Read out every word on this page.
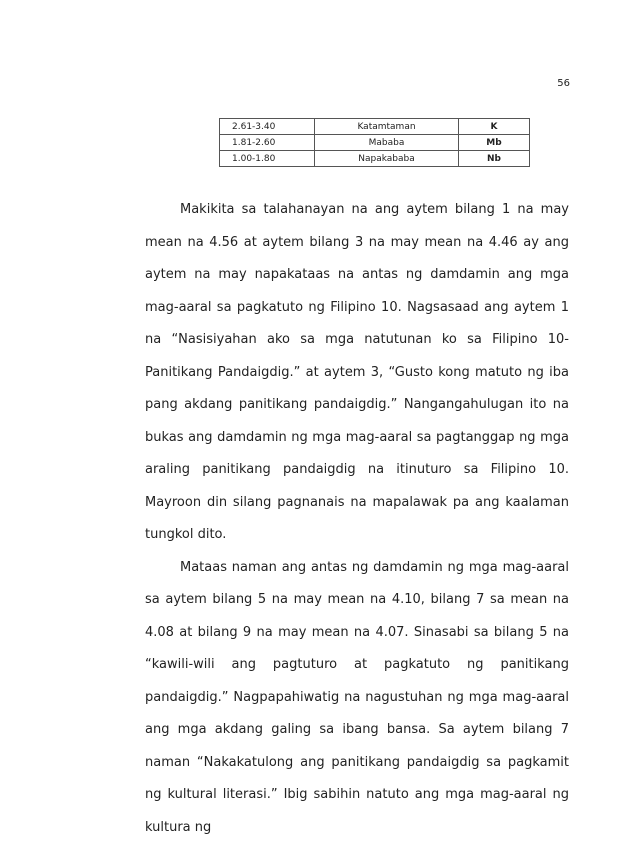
56
2.61-3.40	Katamtaman	K
1.81-2.60	Mababa	Mb
1.00-1.80	Napakababa	Nb

Makikita sa talahanayan na ang aytem bilang 1 na may mean na 4.56 at aytem bilang 3 na may mean na 4.46 ay ang aytem na may napakataas na antas ng damdamin ang mga mag-aaral sa pagkatuto ng Filipino 10. Nagsasaad ang aytem 1 na “Nasisiyahan ako sa mga natutunan ko sa Filipino 10- Panitikang Pandaigdig.” at aytem 3, “Gusto kong matuto ng iba pang akdang panitikang pandaigdig.” Nangangahulugan ito na bukas ang damdamin ng mga mag-aaral sa pagtanggap ng mga araling panitikang pandaigdig na itinuturo sa Filipino 10. Mayroon din silang pagnanais na mapalawak pa ang kaalaman tungkol dito.

Mataas naman ang antas ng damdamin ng mga mag-aaral sa aytem bilang 5 na may mean na 4.10, bilang 7 sa mean na 4.08 at bilang 9 na may mean na 4.07. Sinasabi sa bilang 5 na “kawili-wili ang pagtuturo at pagkatuto ng panitikang pandaigdig.” Nagpapahiwatig na nagustuhan ng mga mag-aaral ang mga akdang galing sa ibang bansa. Sa aytem bilang 7 naman “Nakakatulong ang panitikang pandaigdig sa pagkamit ng kultural literasi.” Ibig sabihin natuto ang mga mag-aaral ng kultura ng
